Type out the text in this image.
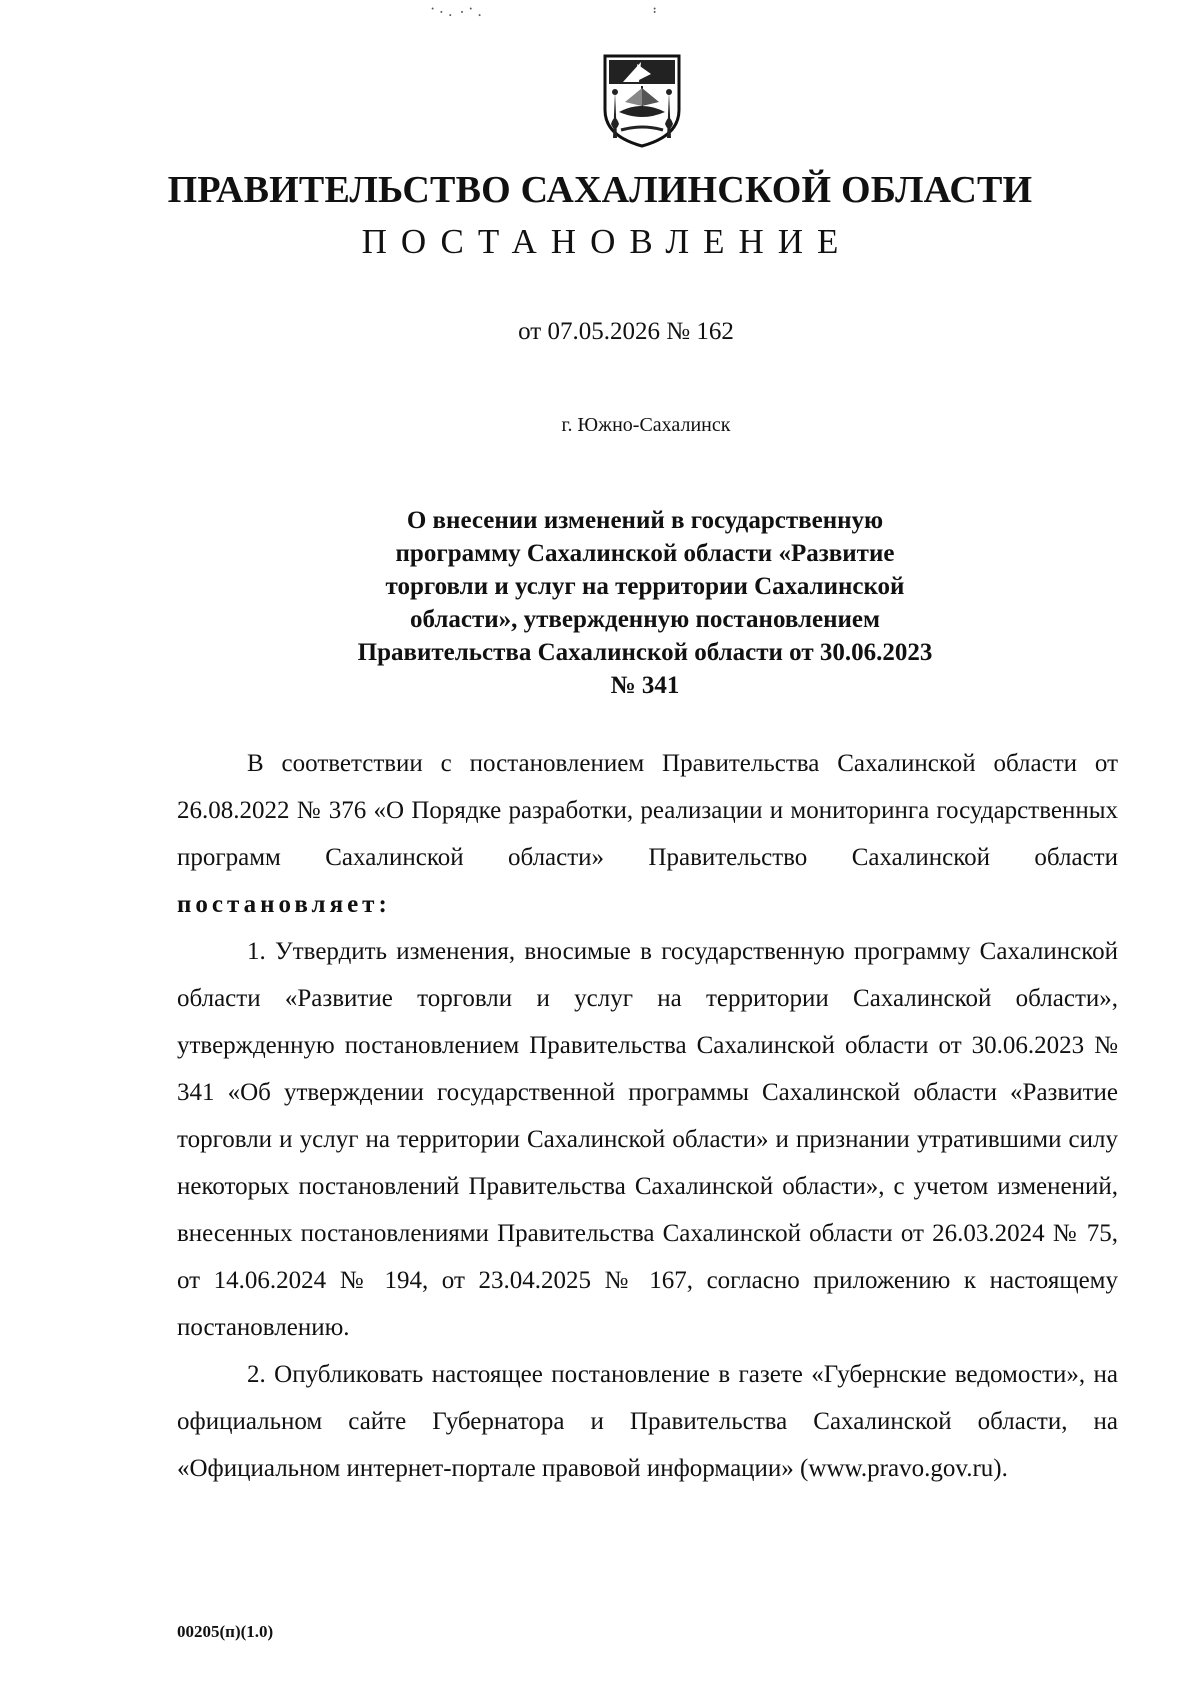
⠁⠂⠄ ⠂⠁⠄	⠃
ПРАВИТЕЛЬСТВО САХАЛИНСКОЙ ОБЛАСТИ
ПОСТАНОВЛЕНИЕ
от 07.05.2026 № 162
г. Южно-Сахалинск
О внесении изменений в государственную
программу Сахалинской области «Развитие
торговли и услуг на территории Сахалинской
области», утвержденную постановлением
Правительства Сахалинской области от 30.06.2023
№ 341

В соответствии с постановлением Правительства Сахалинской области от 26.08.2022 № 376 «О Порядке разработки, реализации и мониторинга государственных программ Сахалинской области» Правительство Сахалинской области постановляет:

1. Утвердить изменения, вносимые в государственную программу Сахалинской области «Развитие торговли и услуг на территории Сахалинской области», утвержденную постановлением Правительства Сахалинской области от 30.06.2023 № 341 «Об утверждении государственной программы Сахалинской области «Развитие торговли и услуг на территории Сахалинской области» и признании утратившими силу некоторых постановлений Правительства Сахалинской области», с учетом изменений, внесенных постановлениями Правительства Сахалинской области от 26.03.2024 № 75, от 14.06.2024 № 194, от 23.04.2025 № 167, согласно приложению к настоящему постановлению.

2. Опубликовать настоящее постановление в газете «Губернские ведомости», на официальном сайте Губернатора и Правительства Сахалинской области, на «Официальном интернет-портале правовой информации» (www.pravo.gov.ru).

00205(п)(1.0)
